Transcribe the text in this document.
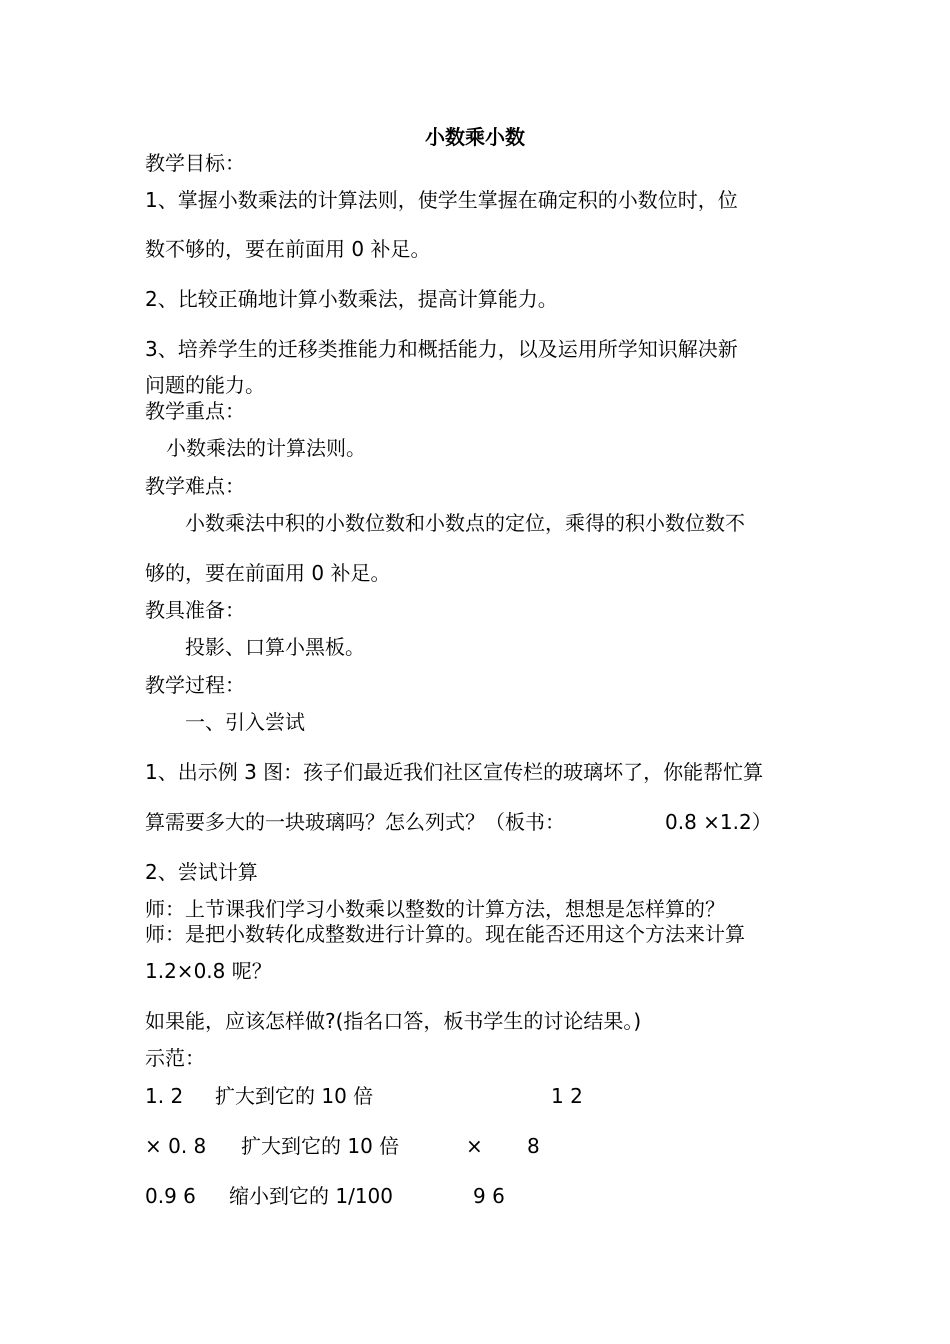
小数乘小数
教学目标：
1、掌握小数乘法的计算法则，使学生掌握在确定积的小数位时，位
数不够的，要在前面用 0 补足。
2、比较正确地计算小数乘法，提高计算能力。
3、培养学生的迁移类推能力和概括能力，以及运用所学知识解决新
问题的能力。
教学重点：
小数乘法的计算法则。
教学难点：
小数乘法中积的小数位数和小数点的定位，乘得的积小数位数不
够的，要在前面用 0 补足。
教具准备：
投影、口算小黑板。
教学过程：
一、引入尝试
1、出示例 3 图：孩子们最近我们社区宣传栏的玻璃坏了，你能帮忙算
算需要多大的一块玻璃吗？怎么列式？（板书：	0.8 ×1.2）
2、尝试计算
师：上节课我们学习小数乘以整数的计算方法，想想是怎样算的？
师：是把小数转化成整数进行计算的。现在能否还用这个方法来计算
1.2×0.8 呢？
如果能，应该怎样做?(指名口答，板书学生的讨论结果。)
示范：
1. 2 扩大到它的 10 倍	1 2
× 0. 8 扩大到它的 10 倍	× 8
0.9 6 缩小到它的 1/100	9 6
